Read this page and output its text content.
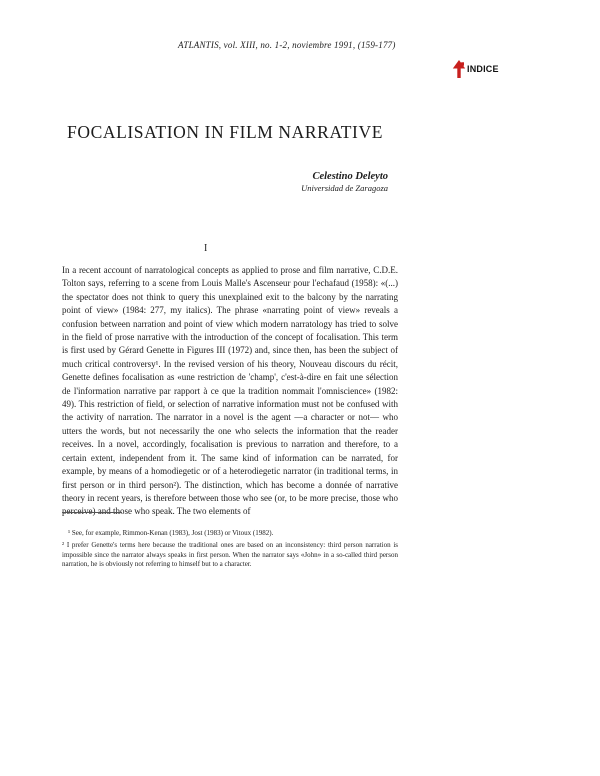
ATLANTIS, vol. XIII, no. 1-2, noviembre 1991, (159-177)
INDICE
FOCALISATION IN FILM NARRATIVE
Celestino Deleyto
Universidad de Zaragoza
I

In a recent account of narratological concepts as applied to prose and film narrative, C.D.E. Tolton says, referring to a scene from Louis Malle's Ascenseur pour l'echafaud (1958): «(...) the spectator does not think to query this unexplained exit to the balcony by the narrating point of view» (1984: 277, my italics). The phrase «narrating point of view» reveals a confusion between narration and point of view which modern narratology has tried to solve in the field of prose narrative with the introduction of the concept of focalisation. This term is first used by Gérard Genette in Figures III (1972) and, since then, has been the subject of much critical controversy¹. In the revised version of his theory, Nouveau discours du récit, Genette defines focalisation as «une restriction de 'champ', c'est-à-dire en fait une sélection de l'information narrative par rapport à ce que la tradition nommait l'omniscience» (1982: 49). This restriction of field, or selection of narrative information must not be confused with the activity of narration. The narrator in a novel is the agent —a character or not— who utters the words, but not necessarily the one who selects the information that the reader receives. In a novel, accordingly, focalisation is previous to narration and therefore, to a certain extent, independent from it. The same kind of information can be narrated, for example, by means of a homodiegetic or of a heterodiegetic narrator (in traditional terms, in first person or in third person²). The distinction, which has become a donnée of narrative theory in recent years, is therefore between those who see (or, to be more precise, those who perceive) and those who speak. The two elements of

¹ See, for example, Rimmon-Kenan (1983), Jost (1983) or Vitoux (1982).

² I prefer Genette's terms here because the traditional ones are based on an inconsistency: third person narration is impossible since the narrator always speaks in first person. When the narrator says «John» in a so-called third person narration, he is obviously not referring to himself but to a character.
